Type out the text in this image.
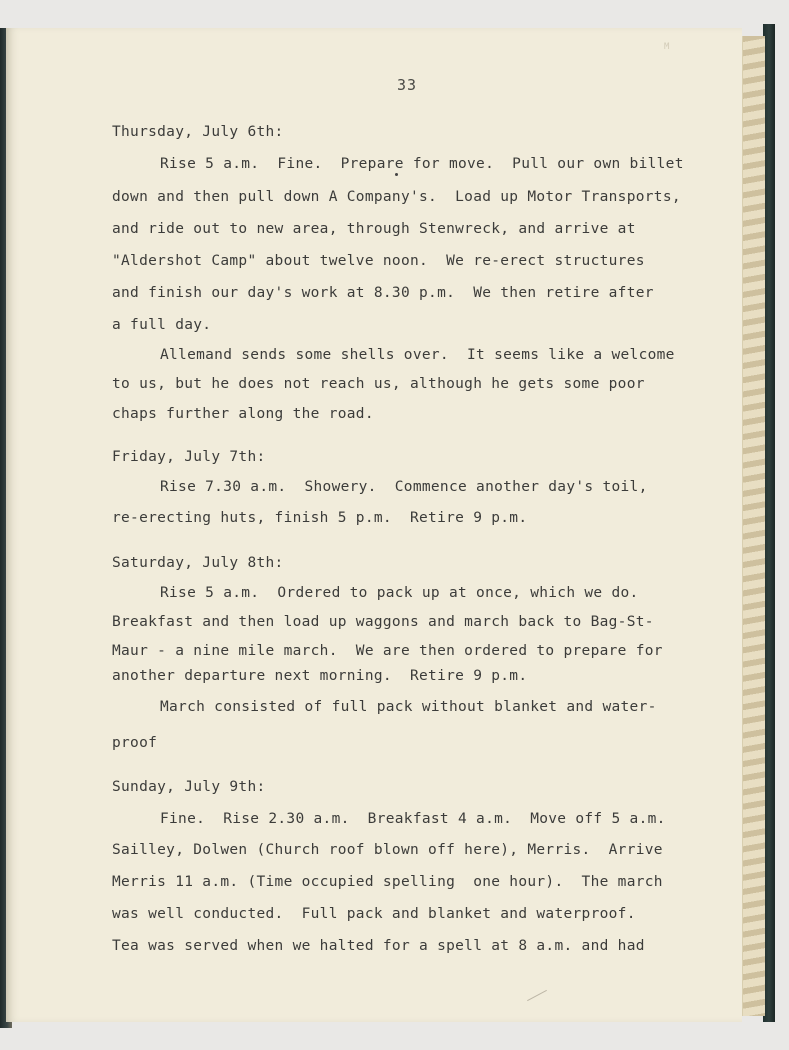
M
33
Thursday, July 6th:
Rise 5 a.m.  Fine.  Prepare for move.  Pull our own billet
down and then pull down A Company's.  Load up Motor Transports,
and ride out to new area, through Stenwreck, and arrive at
"Aldershot Camp" about twelve noon.  We re-erect structures
and finish our day's work at 8.30 p.m.  We then retire after
a full day.
Allemand sends some shells over.  It seems like a welcome
to us, but he does not reach us, although he gets some poor
chaps further along the road.
Friday, July 7th:
Rise 7.30 a.m.  Showery.  Commence another day's toil,
re-erecting huts, finish 5 p.m.  Retire 9 p.m.
Saturday, July 8th:
Rise 5 a.m.  Ordered to pack up at once, which we do.
Breakfast and then load up waggons and march back to Bag-St-
Maur - a nine mile march.  We are then ordered to prepare for
another departure next morning.  Retire 9 p.m.
March consisted of full pack without blanket and water-
proof
Sunday, July 9th:
Fine.  Rise 2.30 a.m.  Breakfast 4 a.m.  Move off 5 a.m.
Sailley, Dolwen (Church roof blown off here), Merris.  Arrive
Merris 11 a.m. (Time occupied spelling  one hour).  The march
was well conducted.  Full pack and blanket and waterproof.
Tea was served when we halted for a spell at 8 a.m. and had
